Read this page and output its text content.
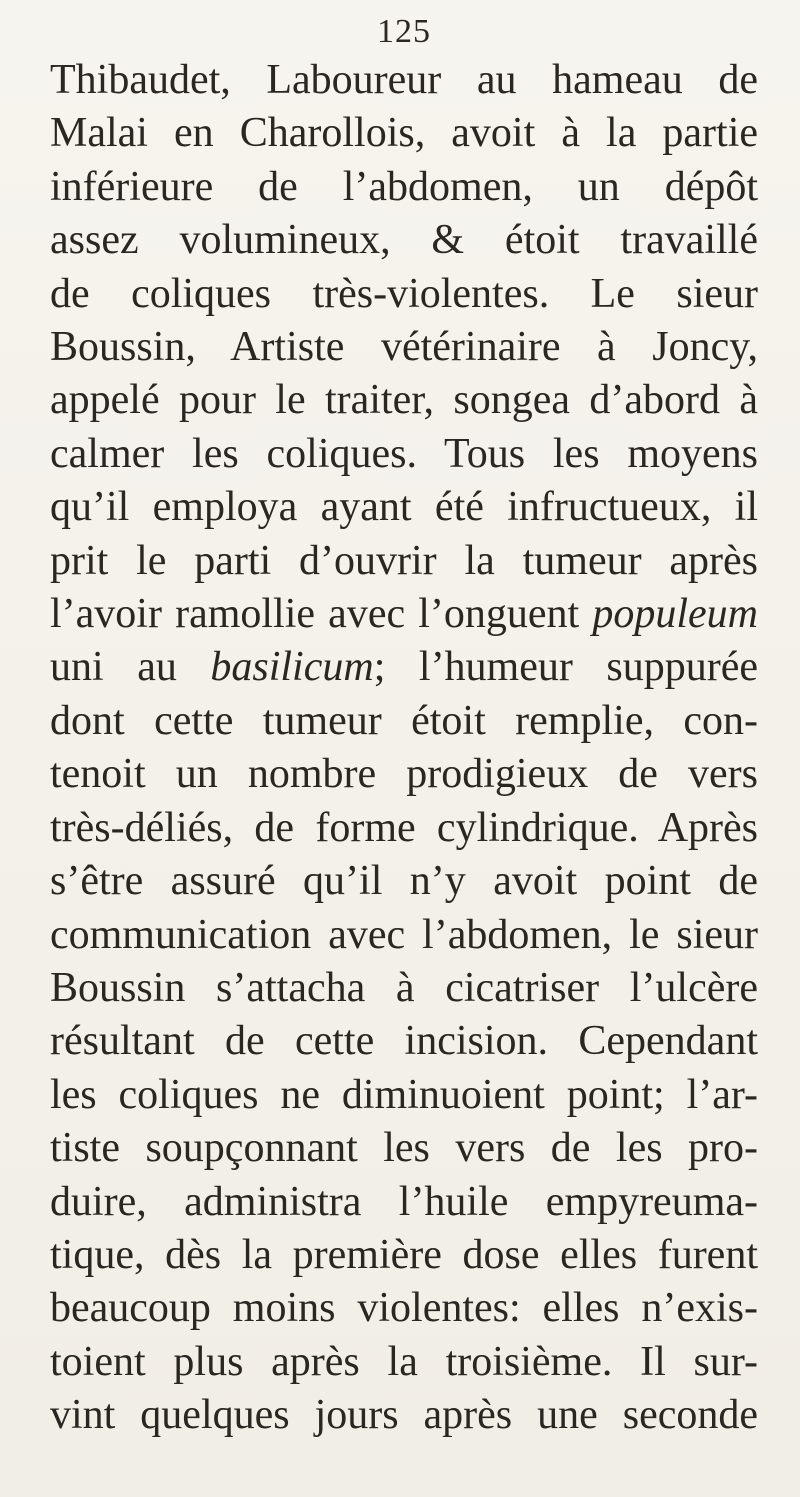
125
Thibaudet, Laboureur au hameau de
Malai en Charollois, avoit à la partie
inférieure de l’abdomen, un dépôt
assez volumineux, & étoit travaillé
de coliques très-violentes. Le sieur
Boussin, Artiste vétérinaire à Joncy,
appelé pour le traiter, songea d’abord à
calmer les coliques. Tous les moyens
qu’il employa ayant été infructueux, il
prit le parti d’ouvrir la tumeur après
l’avoir ramollie avec l’onguent populeum
uni au basilicum; l’humeur suppurée
dont cette tumeur étoit remplie, con-
tenoit un nombre prodigieux de vers
très-déliés, de forme cylindrique. Après
s’être assuré qu’il n’y avoit point de
communication avec l’abdomen, le sieur
Boussin s’attacha à cicatriser l’ulcère
résultant de cette incision. Cependant
les coliques ne diminuoient point; l’ar-
tiste soupçonnant les vers de les pro-
duire, administra l’huile empyreuma-
tique, dès la première dose elles furent
beaucoup moins violentes: elles n’exis-
toient plus après la troisième. Il sur-
vint quelques jours après une seconde
